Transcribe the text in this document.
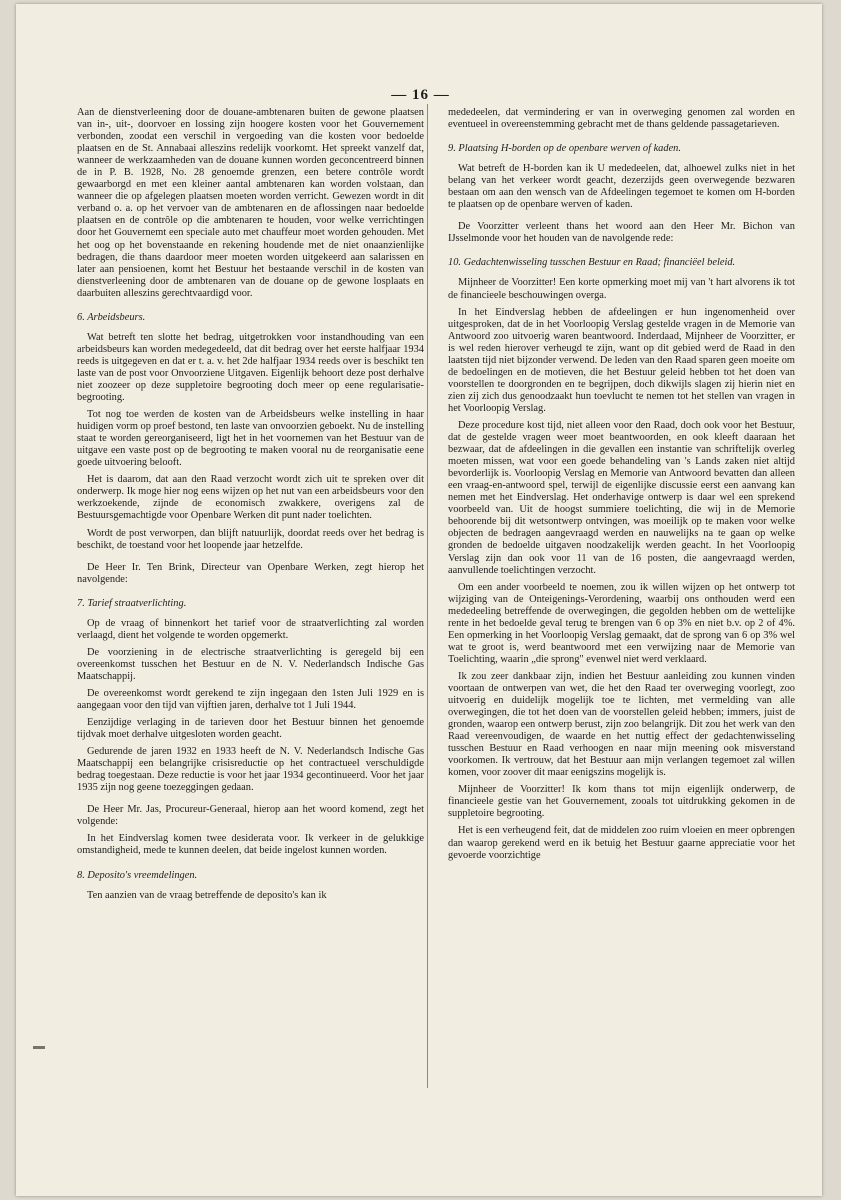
— 16 —

Aan de dienstverleening door de douane-ambtenaren buiten de gewone plaatsen van in-, uit-, doorvoer en lossing zijn hoogere kosten voor het Gouvernement verbonden, zoodat een verschil in vergoeding van die kosten voor bedoelde plaatsen en de St. Annabaai alleszins redelijk voorkomt. Het spreekt vanzelf dat, wanneer de werkzaamheden van de douane kunnen worden geconcentreerd binnen de in P. B. 1928, No. 28 genoemde grenzen, een betere contrôle wordt gewaarborgd en met een kleiner aantal ambtenaren kan worden volstaan, dan wanneer die op afgelegen plaatsen moeten worden verricht. Gewezen wordt in dit verband o. a. op het vervoer van de ambtenaren en de aflossingen naar bedoelde plaatsen en de contrôle op die ambtenaren te houden, voor welke verrichtingen door het Gouvernemt een speciale auto met chauffeur moet worden gehouden. Met het oog op het bovenstaande en rekening houdende met de niet onaanzienlijke bedragen, die thans daardoor meer moeten worden uitgekeerd aan salarissen en later aan pensioenen, komt het Bestuur het bestaande verschil in de kosten van dienstverleening door de ambtenaren van de douane op de gewone losplaats en daarbuiten alleszins gerechtvaardigd voor.

6. Arbeidsbeurs.

Wat betreft ten slotte het bedrag, uitgetrokken voor instandhouding van een arbeidsbeurs kan worden medegedeeld, dat dit bedrag over het eerste halfjaar 1934 reeds is uitgegeven en dat er t. a. v. het 2de halfjaar 1934 reeds over is beschikt ten laste van de post voor Onvoorziene Uitgaven. Eigenlijk behoort deze post derhalve niet zoozeer op deze suppletoire begrooting doch meer op eene regularisatie-begrooting.

Tot nog toe werden de kosten van de Arbeidsbeurs welke instelling in haar huidigen vorm op proef bestond, ten laste van onvoorzien geboekt. Nu de instelling staat te worden gereorganiseerd, ligt het in het voornemen van het Bestuur van de uitgave een vaste post op de begrooting te maken vooral nu de reorganisatie eene goede uitvoering belooft.

Het is daarom, dat aan den Raad verzocht wordt zich uit te spreken over dit onderwerp. Ik moge hier nog eens wijzen op het nut van een arbeidsbeurs voor den werkzoekende, zijnde de economisch zwakkere, overigens zal de Bestuursgemachtigde voor Openbare Werken dit punt nader toelichten.

Wordt de post verworpen, dan blijft natuurlijk, doordat reeds over het bedrag is beschikt, de toestand voor het loopende jaar hetzelfde.

De Heer Ir. Ten Brink, Directeur van Openbare Werken, zegt hierop het navolgende:

7. Tarief straatverlichting.

Op de vraag of binnenkort het tarief voor de straatverlichting zal worden verlaagd, dient het volgende te worden opgemerkt.

De voorziening in de electrische straatverlichting is geregeld bij een overeenkomst tusschen het Bestuur en de N. V. Nederlandsch Indische Gas Maatschappij.

De overeenkomst wordt gerekend te zijn ingegaan den 1sten Juli 1929 en is aangegaan voor den tijd van vijftien jaren, derhalve tot 1 Juli 1944.

Eenzijdige verlaging in de tarieven door het Bestuur binnen het genoemde tijdvak moet derhalve uitgesloten worden geacht.

Gedurende de jaren 1932 en 1933 heeft de N. V. Nederlandsch Indische Gas Maatschappij een belangrijke crisisreductie op het contractueel verschuldigde bedrag toegestaan. Deze reductie is voor het jaar 1934 gecontinueerd. Voor het jaar 1935 zijn nog geene toezeggingen gedaan.

De Heer Mr. Jas, Procureur-Generaal, hierop aan het woord komend, zegt het volgende:

In het Eindverslag komen twee desiderata voor. Ik verkeer in de gelukkige omstandigheid, mede te kunnen deelen, dat beide ingelost kunnen worden.

8. Deposito's vreemdelingen.

Ten aanzien van de vraag betreffende de deposito's kan ik

mededeelen, dat vermindering er van in overweging genomen zal worden en eventueel in overeenstemming gebracht met de thans geldende passagetarieven.

9. Plaatsing H-borden op de openbare werven of kaden.

Wat betreft de H-borden kan ik U mededeelen, dat, alhoewel zulks niet in het belang van het verkeer wordt geacht, dezerzijds geen overwegende bezwaren bestaan om aan den wensch van de Afdeelingen tegemoet te komen om H-borden te plaatsen op de openbare werven of kaden.

De Voorzitter verleent thans het woord aan den Heer Mr. Bichon van IJsselmonde voor het houden van de navolgende rede:

10. Gedachtenwisseling tusschen Bestuur en Raad; financiëel beleid.

Mijnheer de Voorzitter! Een korte opmerking moet mij van 't hart alvorens ik tot de financieele beschouwingen overga.

In het Eindverslag hebben de afdeelingen er hun ingenomenheid over uitgesproken, dat de in het Voorloopig Verslag gestelde vragen in de Memorie van Antwoord zoo uitvoerig waren beantwoord. Inderdaad, Mijnheer de Voorzitter, er is wel reden hierover verheugd te zijn, want op dit gebied werd de Raad in den laatsten tijd niet bijzonder verwend. De leden van den Raad sparen geen moeite om de bedoelingen en de motieven, die het Bestuur geleid hebben tot het doen van voorstellen te doorgronden en te begrijpen, doch dikwijls slagen zij hierin niet en zien zij zich dus genoodzaakt hun toevlucht te nemen tot het stellen van vragen in het Voorloopig Verslag.

Deze procedure kost tijd, niet alleen voor den Raad, doch ook voor het Bestuur, dat de gestelde vragen weer moet beantwoorden, en ook kleeft daaraan het bezwaar, dat de afdeelingen in die gevallen een instantie van schriftelijk overleg moeten missen, wat voor een goede behandeling van 's Lands zaken niet altijd bevorderlijk is. Voorloopig Verslag en Memorie van Antwoord bevatten dan alleen een vraag-en-antwoord spel, terwijl de eigenlijke discussie eerst een aanvang kan nemen met het Eindverslag. Het onderhavige ontwerp is daar wel een sprekend voorbeeld van. Uit de hoogst summiere toelichting, die wij in de Memorie behoorende bij dit wetsontwerp ontvingen, was moeilijk op te maken voor welke objecten de bedragen aangevraagd werden en nauwelijks na te gaan op welke gronden de bedoelde uitgaven noodzakelijk werden geacht. In het Voorloopig Verslag zijn dan ook voor 11 van de 16 posten, die aangevraagd werden, aanvullende toelichtingen verzocht.

Om een ander voorbeeld te noemen, zou ik willen wijzen op het ontwerp tot wijziging van de Onteigenings-Verordening, waarbij ons onthouden werd een mededeeling betreffende de overwegingen, die gegolden hebben om de wettelijke rente in het bedoelde geval terug te brengen van 6 op 3% en niet b.v. op 2 of 4%. Een opmerking in het Voorloopig Verslag gemaakt, dat de sprong van 6 op 3% wel wat te groot is, werd beantwoord met een verwijzing naar de Memorie van Toelichting, waarin „die sprong" evenwel niet werd verklaard.

Ik zou zeer dankbaar zijn, indien het Bestuur aanleiding zou kunnen vinden voortaan de ontwerpen van wet, die het den Raad ter overweging voorlegt, zoo uitvoerig en duidelijk mogelijk toe te lichten, met vermelding van alle overwegingen, die tot het doen van de voorstellen geleid hebben; immers, juist de gronden, waarop een ontwerp berust, zijn zoo belangrijk. Dit zou het werk van den Raad vereenvoudigen, de waarde en het nuttig effect der gedachtenwisseling tusschen Bestuur en Raad verhoogen en naar mijn meening ook misverstand voorkomen. Ik vertrouw, dat het Bestuur aan mijn verlangen tegemoet zal willen komen, voor zoover dit maar eenigszins mogelijk is.

Mijnheer de Voorzitter! Ik kom thans tot mijn eigenlijk onderwerp, de financieele gestie van het Gouvernement, zooals tot uitdrukking gekomen in de suppletoire begrooting.

Het is een verheugend feit, dat de middelen zoo ruim vloeien en meer opbrengen dan waarop gerekend werd en ik betuig het Bestuur gaarne appreciatie voor het gevoerde voorzichtige
